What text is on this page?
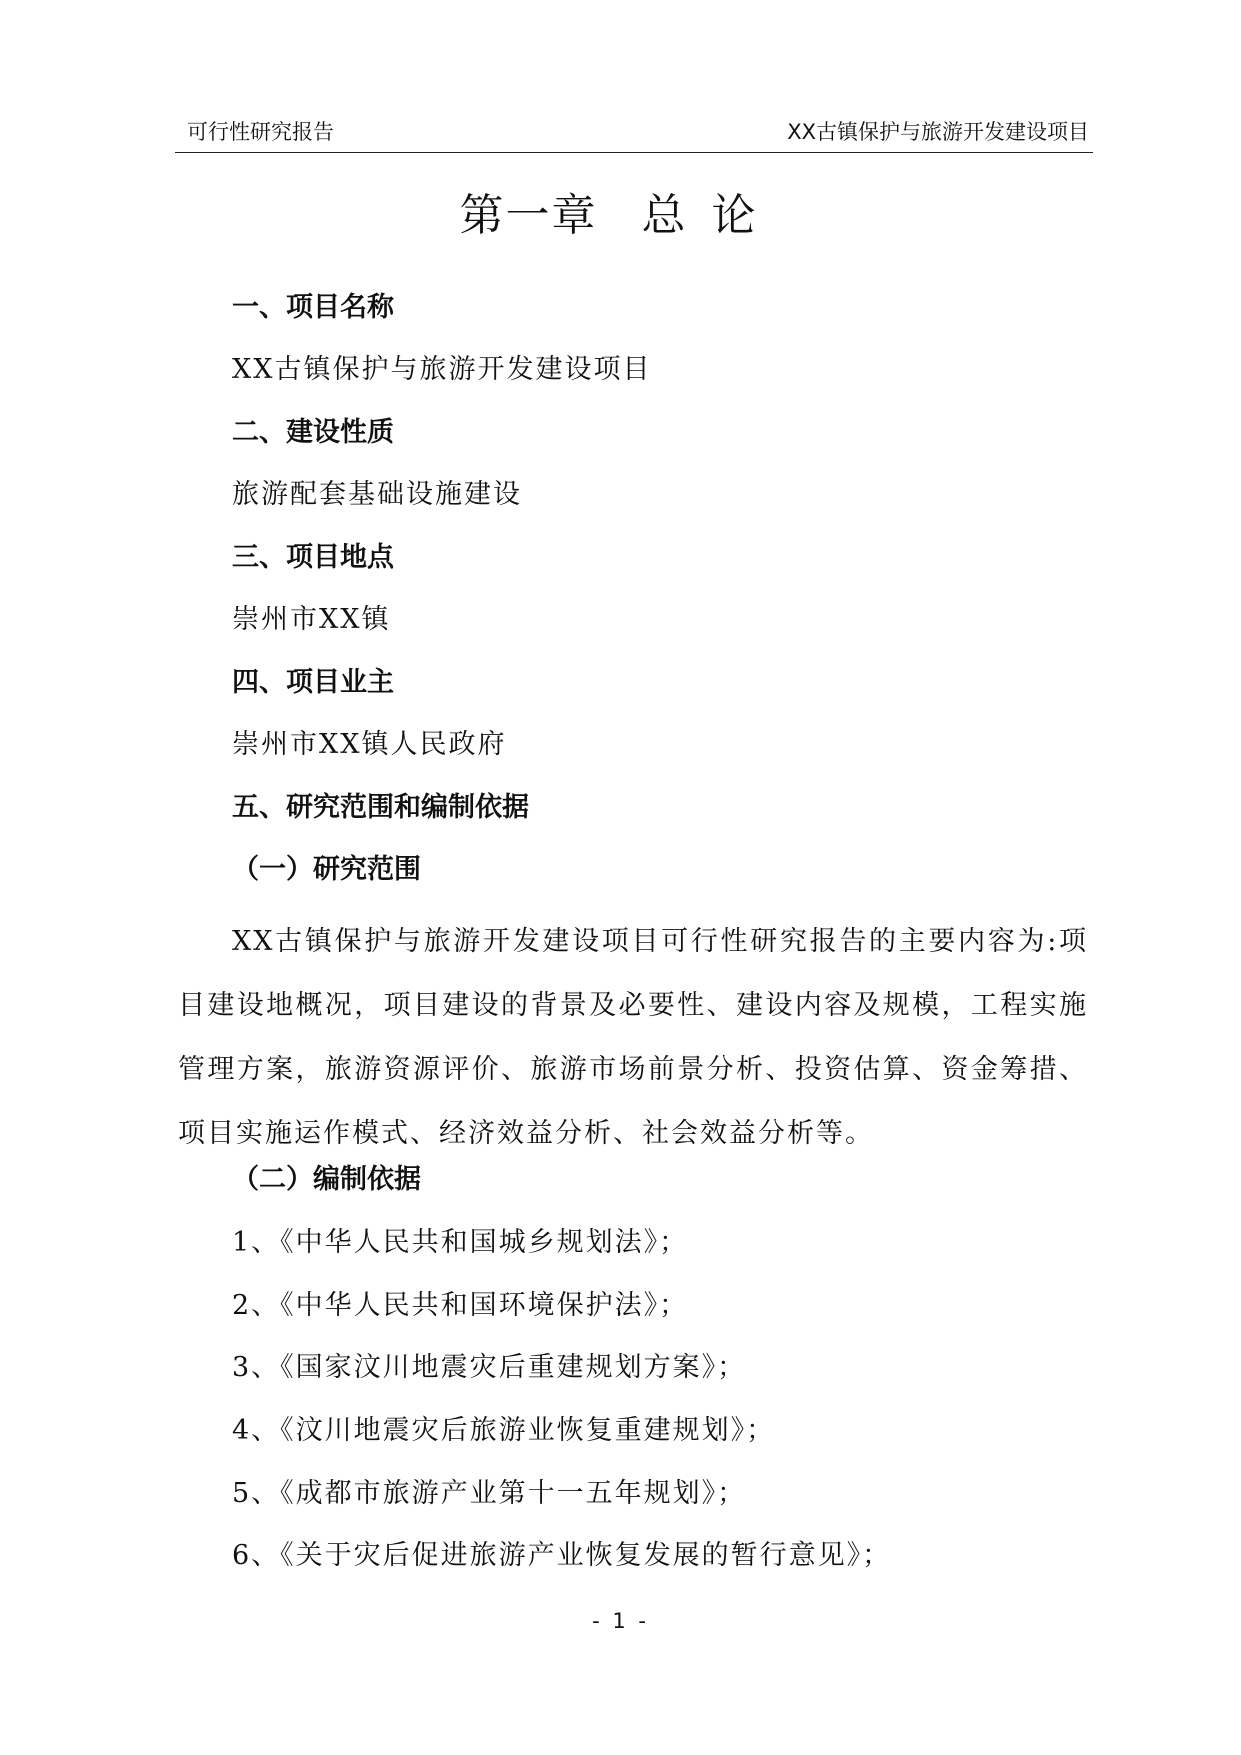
可行性研究报告	XX古镇保护与旅游开发建设项目
第一章 总论
一、项目名称
XX古镇保护与旅游开发建设项目
二、建设性质
旅游配套基础设施建设
三、项目地点
崇州市XX镇
四、项目业主
崇州市XX镇人民政府
五、研究范围和编制依据
（一）研究范围
XX古镇保护与旅游开发建设项目可行性研究报告的主要内容为:项目建设地概况，项目建设的背景及必要性、建设内容及规模，工程实施管理方案，旅游资源评价、旅游市场前景分析、投资估算、资金筹措、项目实施运作模式、经济效益分析、社会效益分析等。
（二）编制依据
1、《中华人民共和国城乡规划法》；
2、《中华人民共和国环境保护法》；
3、《国家汶川地震灾后重建规划方案》；
4、《汶川地震灾后旅游业恢复重建规划》；
5、《成都市旅游产业第十一五年规划》；
6、《关于灾后促进旅游产业恢复发展的暂行意见》；
- 1 -
